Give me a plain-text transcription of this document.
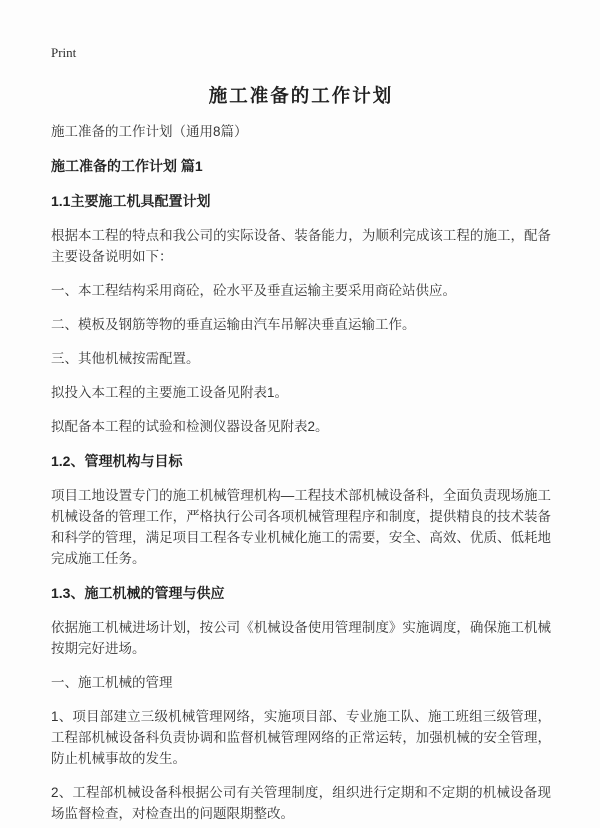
Print
施工准备的工作计划
施工准备的工作计划（通用8篇）
施工准备的工作计划 篇1
1.1主要施工机具配置计划
根据本工程的特点和我公司的实际设备、装备能力，为顺利完成该工程的施工，配备主要设备说明如下：
一、本工程结构采用商砼，砼水平及垂直运输主要采用商砼站供应。
二、模板及钢筋等物的垂直运输由汽车吊解决垂直运输工作。
三、其他机械按需配置。
拟投入本工程的主要施工设备见附表1。
拟配备本工程的试验和检测仪器设备见附表2。
1.2、管理机构与目标
项目工地设置专门的施工机械管理机构—工程技术部机械设备科，全面负责现场施工机械设备的管理工作，严格执行公司各项机械管理程序和制度，提供精良的技术装备和科学的管理，满足项目工程各专业机械化施工的需要，安全、高效、优质、低耗地完成施工任务。
1.3、施工机械的管理与供应
依据施工机械进场计划，按公司《机械设备使用管理制度》实施调度，确保施工机械按期完好进场。
一、施工机械的管理
1、项目部建立三级机械管理网络，实施项目部、专业施工队、施工班组三级管理，工程部机械设备科负责协调和监督机械管理网络的正常运转，加强机械的安全管理，防止机械事故的发生。
2、工程部机械设备科根据公司有关管理制度，组织进行定期和不定期的机械设备现场监督检查，对检查出的问题限期整改。
